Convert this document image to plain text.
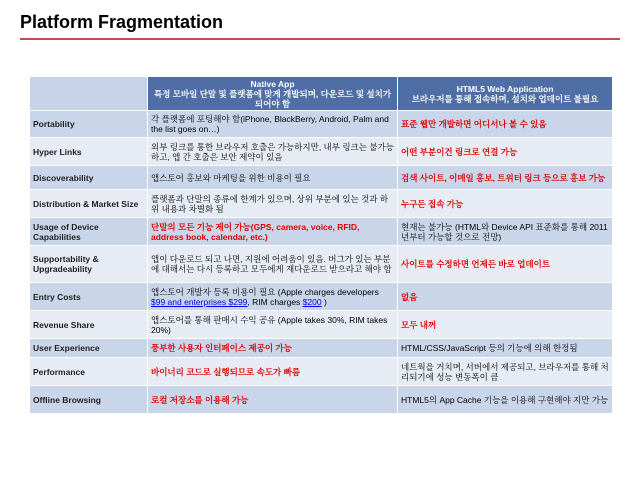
Platform Fragmentation
	Native App
특정 모바일 단말 및 플랫폼에 맞게 개발되며, 다운로드 및 설치가 되어야 함	HTML5 Web Application
브라우저를 통해 접속하며, 설치와 업데이트 불필요
Portability	각 플랫폼에 포팅해야 함(iPhone, BlackBerry, Android, Palm and the list goes on…)	표준 웹만 개발하면 어디서나 볼 수 있음
Hyper Links	외부 링크를 통한 브라우저 호출은 가능하지만, 내부 링크는 불가능하고, 앱 간 호출은 보안 제약이 있음	어떤 부분이건 링크로 연결 가능
Discoverability	앱스토어 홍보와 마케팅을 위한 비용이 필요	검색 사이트, 이메일 홍보, 트위터 링크 등으로 홍보 가능
Distribution & Market Size	플랫폼과 단말의 종류에 한계가 있으며, 상위 부분에 있는 것과 하위 내용과 차별화 됨	누구든 접속 가능
Usage of Device Capabilities	단말의 모든 기능 제어 가능(GPS, camera, voice, RFID, address book, calendar, etc.)	현재는 불가능 (HTML와 Device API 표준화를 통해 2011년부터 가능할 것으로 전망)
Supportability & Upgradeability	앱이 다운로드 되고 나면, 지원에 어려움이 있음. 버그가 있는 부분에 대해서는 다시 등록하고 모두에게 재다운로드 받으라고 해야 함	사이트를 수정하면 언제든 바로 업데이트
Entry Costs	앱스토어 개발자 등록 비용이 필요 (Apple charges developers $99 and enterprises $299, RIM charges $200 )	없음
Revenue Share	앱스토어를 통해 판매시 수익 공유 (Apple takes 30%, RIM takes 20%)	모두 내꺼
User Experience	풍부한 사용자 인터페이스 제공이 가능	HTML/CSS/JavaScript 등의 기능에 의해 한정됨
Performance	바이너리 코드로 실행되므로 속도가 빠름	네트웍을 거치며, 서버에서 제공되고, 브라우저를 통해 처리되기에 성능 변동폭이 큼
Offline Browsing	로컬 저장소를 이용해 가능	HTML5의 App Cache 기능을 이용해 구현해야 지만 가능
